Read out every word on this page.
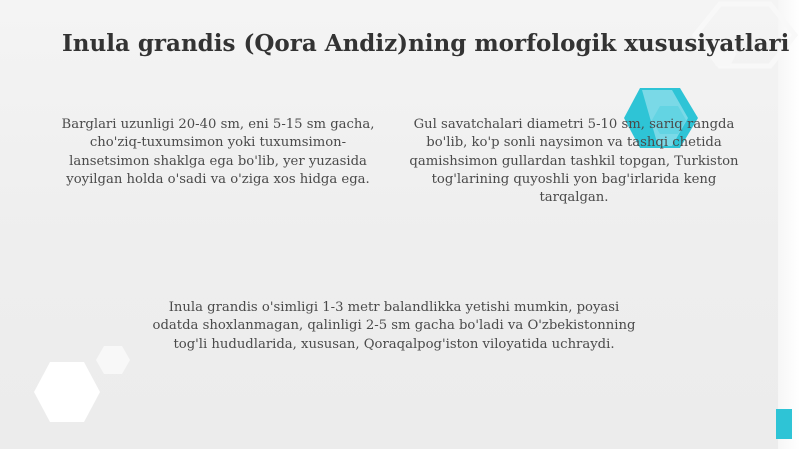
Inula grandis (Qora Andiz)ning morfologik xususiyatlari

Barglari uzunligi 20-40 sm, eni 5-15 sm gacha, cho'ziq-tuxumsimon yoki tuxumsimon-lansetsimon shaklga ega bo'lib, yer yuzasida yoyilgan holda o'sadi va o'ziga xos hidga ega.

Gul savatchalari diametri 5-10 sm, sariq rangda bo'lib, ko'p sonli naysimon va tashqi chetida qamishsimon gullardan tashkil topgan, Turkiston tog'larining quyoshli yon bag'irlarida keng tarqalgan.

Inula grandis o'simligi 1-3 metr balandlikka yetishi mumkin, poyasi odatda shoxlanmagan, qalinligi 2-5 sm gacha bo'ladi va O'zbekistonning tog'li hududlarida, xususan, Qoraqalpog'iston viloyatida uchraydi.
